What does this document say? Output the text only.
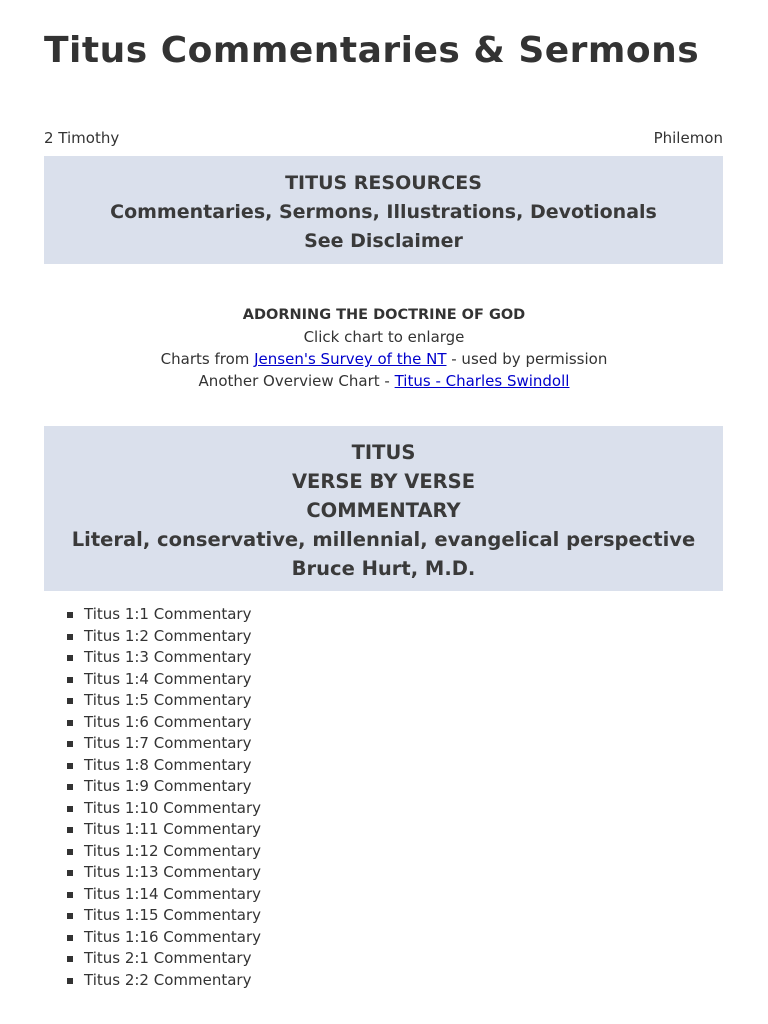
Titus Commentaries & Sermons
2 Timothy	Philemon
TITUS RESOURCES
Commentaries, Sermons, Illustrations, Devotionals
See Disclaimer
ADORNING THE DOCTRINE OF GOD
Click chart to enlarge
Charts from Jensen's Survey of the NT - used by permission
Another Overview Chart - Titus - Charles Swindoll
TITUS
VERSE BY VERSE
COMMENTARY
Literal, conservative, millennial, evangelical perspective
Bruce Hurt, M.D.
Titus 1:1 Commentary
Titus 1:2 Commentary
Titus 1:3 Commentary
Titus 1:4 Commentary
Titus 1:5 Commentary
Titus 1:6 Commentary
Titus 1:7 Commentary
Titus 1:8 Commentary
Titus 1:9 Commentary
Titus 1:10 Commentary
Titus 1:11 Commentary
Titus 1:12 Commentary
Titus 1:13 Commentary
Titus 1:14 Commentary
Titus 1:15 Commentary
Titus 1:16 Commentary
Titus 2:1 Commentary
Titus 2:2 Commentary
